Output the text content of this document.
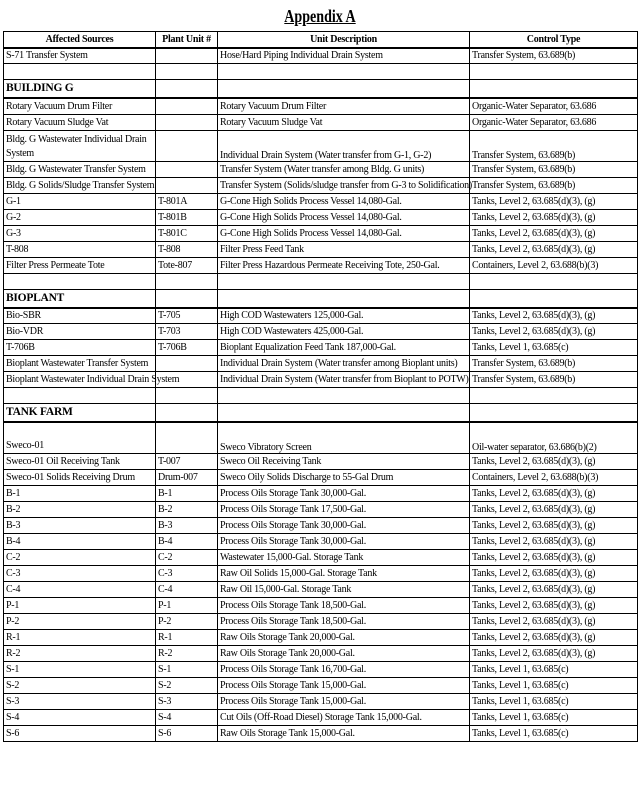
Appendix A
Affected Sources	Plant Unit #	Unit Description	Control Type
S-71 Transfer System		Hose/Hard Piping Individual Drain System	Transfer System, 63.689(b)

BUILDING G			
Rotary Vacuum Drum Filter		Rotary Vacuum Drum Filter	Organic-Water Separator, 63.686
Rotary Vacuum Sludge Vat		Rotary Vacuum Sludge Vat	Organic-Water Separator, 63.686
Bldg. G Wastewater Individual Drain System		Individual Drain System (Water transfer from G-1, G-2)	Transfer System, 63.689(b)
Bldg. G Wastewater Transfer System		Transfer System (Water transfer among Bldg. G units)	Transfer System, 63.689(b)
Bldg. G Solids/Sludge Transfer System		Transfer System (Solids/sludge transfer from G-3 to Solidification)	Transfer System, 63.689(b)
G-1	T-801A	G-Cone High Solids Process Vessel 14,080-Gal.	Tanks, Level 2, 63.685(d)(3), (g)
G-2	T-801B	G-Cone High Solids Process Vessel 14,080-Gal.	Tanks, Level 2, 63.685(d)(3), (g)
G-3	T-801C	G-Cone High Solids Process Vessel 14,080-Gal.	Tanks, Level 2, 63.685(d)(3), (g)
T-808	T-808	Filter Press Feed Tank	Tanks, Level 2, 63.685(d)(3), (g)
Filter Press Permeate Tote	Tote-807	Filter Press Hazardous Permeate Receiving Tote, 250-Gal.	Containers, Level 2, 63.688(b)(3)

BIOPLANT			
Bio-SBR	T-705	High COD Wastewaters 125,000-Gal.	Tanks, Level 2, 63.685(d)(3), (g)
Bio-VDR	T-703	High COD Wastewaters 425,000-Gal.	Tanks, Level 2, 63.685(d)(3), (g)
T-706B	T-706B	Bioplant Equalization Feed Tank 187,000-Gal.	Tanks, Level 1, 63.685(c)
Bioplant Wastewater Transfer System		Individual Drain System (Water transfer among Bioplant units)	Transfer System, 63.689(b)
Bioplant Wastewater Individual Drain System		Individual Drain System (Water transfer from Bioplant to POTW)	Transfer System, 63.689(b)

TANK FARM			
Sweco-01		Sweco Vibratory Screen	Oil-water separator, 63.686(b)(2)
Sweco-01 Oil Receiving Tank	T-007	Sweco Oil Receiving Tank	Tanks, Level 2, 63.685(d)(3), (g)
Sweco-01 Solids Receiving Drum	Drum-007	Sweco Oily Solids Discharge to 55-Gal Drum	Containers, Level 2, 63.688(b)(3)
B-1	B-1	Process Oils Storage Tank 30,000-Gal.	Tanks, Level 2, 63.685(d)(3), (g)
B-2	B-2	Process Oils Storage Tank 17,500-Gal.	Tanks, Level 2, 63.685(d)(3), (g)
B-3	B-3	Process Oils Storage Tank 30,000-Gal.	Tanks, Level 2, 63.685(d)(3), (g)
B-4	B-4	Process Oils Storage Tank 30,000-Gal.	Tanks, Level 2, 63.685(d)(3), (g)
C-2	C-2	Wastewater 15,000-Gal. Storage Tank	Tanks, Level 2, 63.685(d)(3), (g)
C-3	C-3	Raw Oil Solids 15,000-Gal. Storage Tank	Tanks, Level 2, 63.685(d)(3), (g)
C-4	C-4	Raw Oil 15,000-Gal. Storage Tank	Tanks, Level 2, 63.685(d)(3), (g)
P-1	P-1	Process Oils Storage Tank 18,500-Gal.	Tanks, Level 2, 63.685(d)(3), (g)
P-2	P-2	Process Oils Storage Tank 18,500-Gal.	Tanks, Level 2, 63.685(d)(3), (g)
R-1	R-1	Raw Oils Storage Tank 20,000-Gal.	Tanks, Level 2, 63.685(d)(3), (g)
R-2	R-2	Raw Oils Storage Tank 20,000-Gal.	Tanks, Level 2, 63.685(d)(3), (g)
S-1	S-1	Process Oils Storage Tank 16,700-Gal.	Tanks, Level 1, 63.685(c)
S-2	S-2	Process Oils Storage Tank 15,000-Gal.	Tanks, Level 1, 63.685(c)
S-3	S-3	Process Oils Storage Tank 15,000-Gal.	Tanks, Level 1, 63.685(c)
S-4	S-4	Cut Oils (Off-Road Diesel) Storage Tank 15,000-Gal.	Tanks, Level 1, 63.685(c)
S-6	S-6	Raw Oils Storage Tank 15,000-Gal.	Tanks, Level 1, 63.685(c)
